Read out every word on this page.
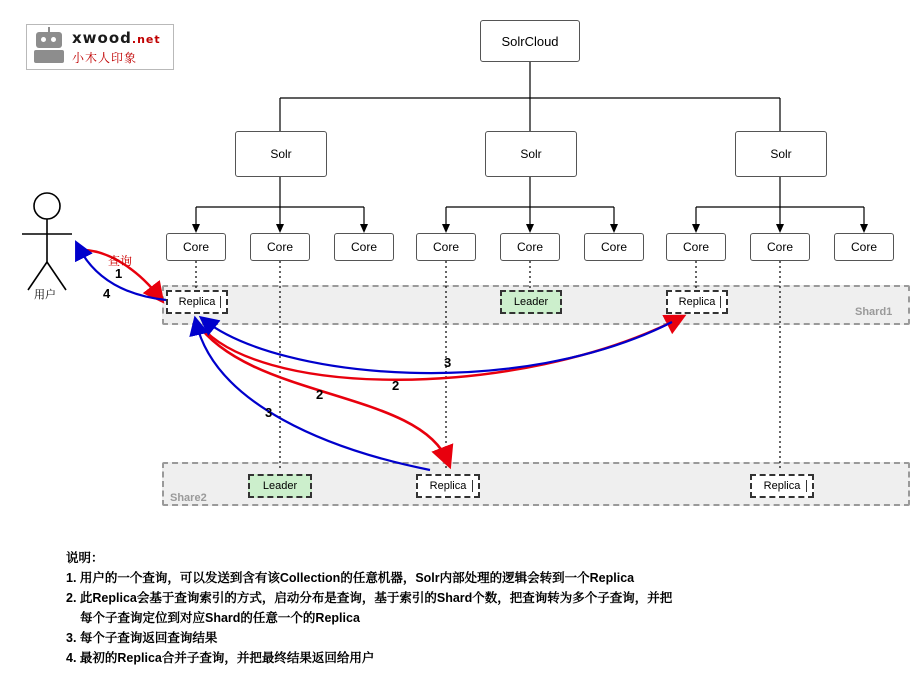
xwood.net
小木人印象
Shard1
Share2
用户
查询
1
4
2
2
3
3
SolrCloud
Solr	Solr	Solr
Core	Core	Core	Core	Core	Core	Core	Core	Core
Replica	Leader	Replica
Leader	Replica	Replica
说明：
1. 用户的一个查询，可以发送到含有该Collection的任意机器，Solr内部处理的逻辑会转到一个Replica
2. 此Replica会基于查询索引的方式，启动分布是查询，基于索引的Shard个数，把查询转为多个子查询，并把
每个子查询定位到对应Shard的任意一个的Replica
3. 每个子查询返回查询结果
4. 最初的Replica合并子查询，并把最终结果返回给用户
